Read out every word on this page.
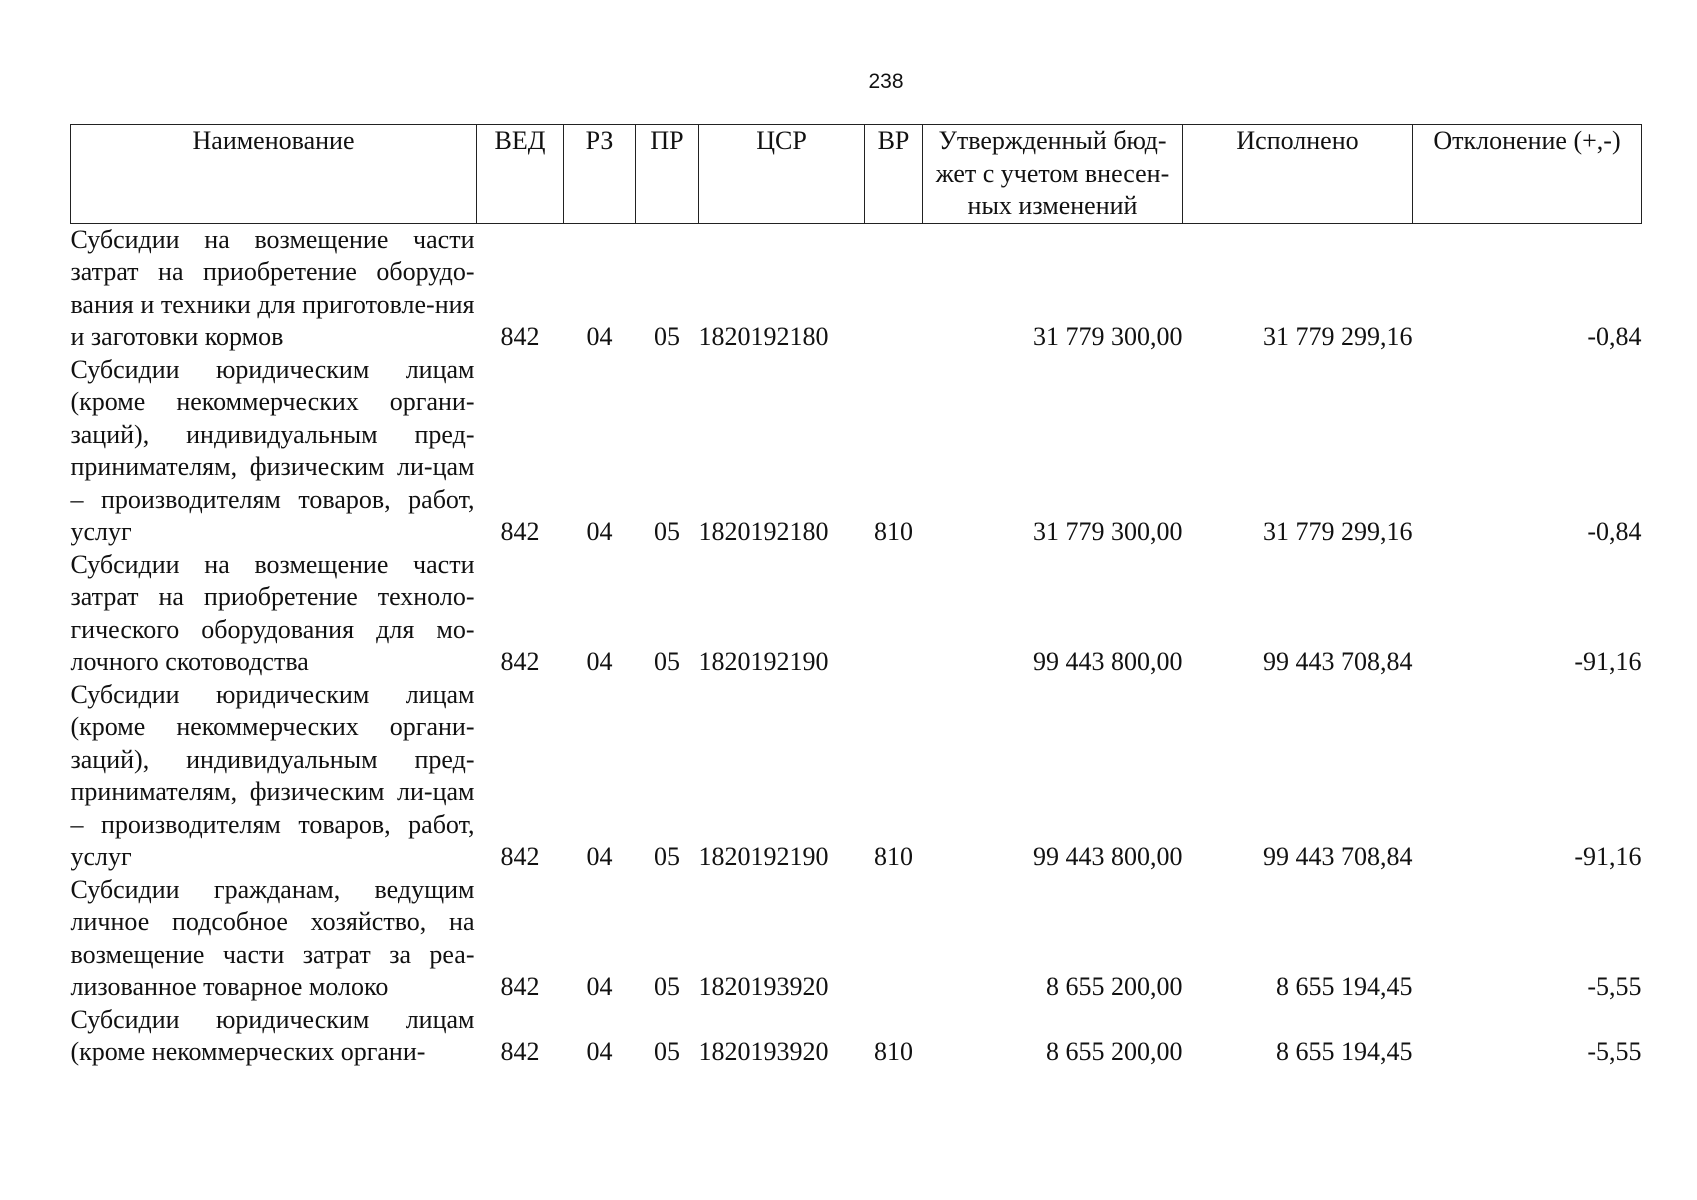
238
Наименование	ВЕД	РЗ	ПР	ЦСР	ВР	Утвержденный бюд-жет с учетом внесен-ных изменений	Исполнено	Отклонение (+,-)
Субсидии на возмещение части затрат на приобретение оборудо-вания и техники для приготовле-ния и заготовки кормов	842	04	05	1820192180		31 779 300,00	31 779 299,16	-0,84
Субсидии юридическим лицам (кроме некоммерческих органи-заций), индивидуальным пред-принимателям, физическим ли-цам – производителям товаров, работ, услуг	842	04	05	1820192180	810	31 779 300,00	31 779 299,16	-0,84
Субсидии на возмещение части затрат на приобретение техноло-гического оборудования для мо-лочного скотоводства	842	04	05	1820192190		99 443 800,00	99 443 708,84	-91,16
Субсидии юридическим лицам (кроме некоммерческих органи-заций), индивидуальным пред-принимателям, физическим ли-цам – производителям товаров, работ, услуг	842	04	05	1820192190	810	99 443 800,00	99 443 708,84	-91,16
Субсидии гражданам, ведущим личное подсобное хозяйство, на возмещение части затрат за реа-лизованное товарное молоко	842	04	05	1820193920		8 655 200,00	8 655 194,45	-5,55
Субсидии юридическим лицам (кроме некоммерческих органи-	842	04	05	1820193920	810	8 655 200,00	8 655 194,45	-5,55
